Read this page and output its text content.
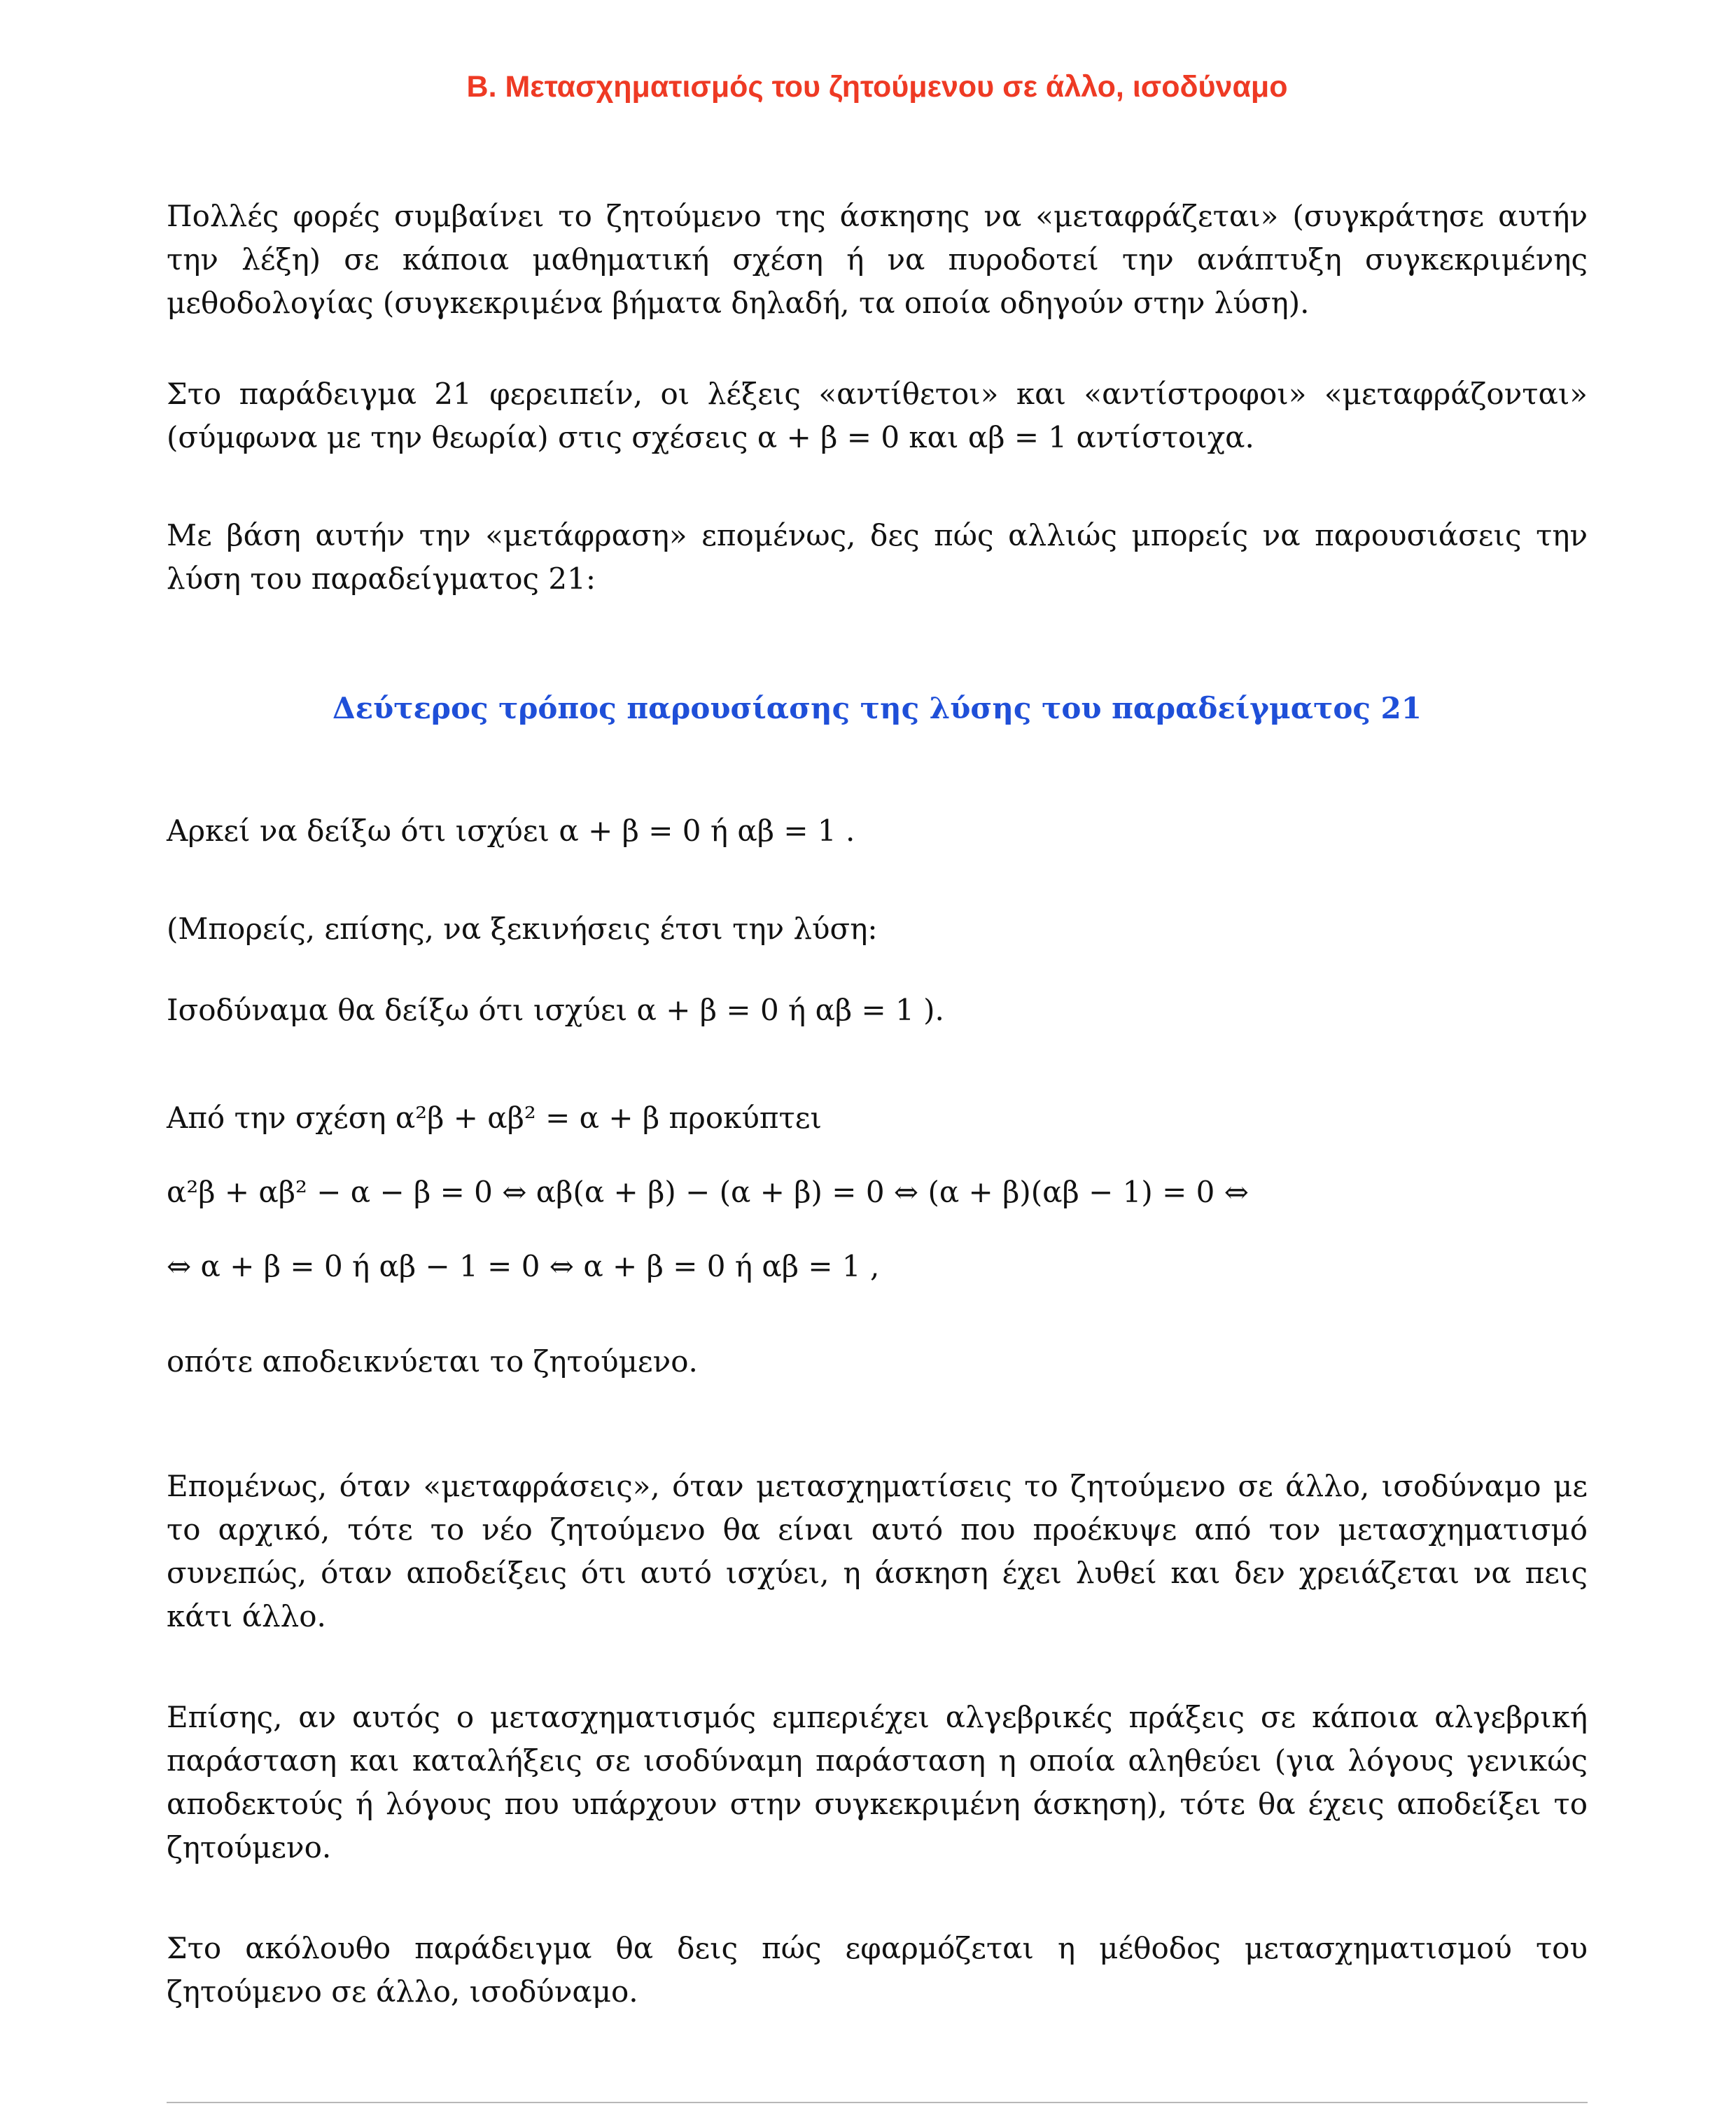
Β. Μετασχηματισμός του ζητούμενου σε άλλο, ισοδύναμο

Πολλές φορές συμβαίνει το ζητούμενο της άσκησης να «μεταφράζεται» (συγκράτησε αυτήν την λέξη) σε κάποια μαθηματική σχέση ή να πυροδοτεί την ανάπτυξη συγκεκριμένης μεθοδολογίας (συγκεκριμένα βήματα δηλαδή, τα οποία οδηγούν στην λύση).

Στο παράδειγμα 21 φερειπείν, οι λέξεις «αντίθετοι» και «αντίστροφοι» «μεταφράζονται» (σύμφωνα με την θεωρία) στις σχέσεις α + β = 0 και αβ = 1 αντίστοιχα.

Με βάση αυτήν την «μετάφραση» επομένως, δες πώς αλλιώς μπορείς να παρουσιάσεις την λύση του παραδείγματος 21:

Δεύτερος τρόπος παρουσίασης της λύσης του παραδείγματος 21

Αρκεί να δείξω ότι ισχύει α + β = 0 ή αβ = 1 .

(Μπορείς, επίσης, να ξεκινήσεις έτσι την λύση:

Ισοδύναμα θα δείξω ότι ισχύει α + β = 0 ή αβ = 1 ).

Από την σχέση α²β + αβ² = α + β προκύπτει

α²β + αβ² − α − β = 0 ⇔ αβ(α + β) − (α + β) = 0 ⇔ (α + β)(αβ − 1) = 0 ⇔

⇔ α + β = 0 ή αβ − 1 = 0 ⇔ α + β = 0 ή αβ = 1 ,

οπότε αποδεικνύεται το ζητούμενο.

Επομένως, όταν «μεταφράσεις», όταν μετασχηματίσεις το ζητούμενο σε άλλο, ισοδύναμο με το αρχικό, τότε το νέο ζητούμενο θα είναι αυτό που προέκυψε από τον μετασχηματισμό συνεπώς, όταν αποδείξεις ότι αυτό ισχύει, η άσκηση έχει λυθεί και δεν χρειάζεται να πεις κάτι άλλο.

Επίσης, αν αυτός ο μετασχηματισμός εμπεριέχει αλγεβρικές πράξεις σε κάποια αλγεβρική παράσταση και καταλήξεις σε ισοδύναμη παράσταση η οποία αληθεύει (για λόγους γενικώς αποδεκτούς ή λόγους που υπάρχουν στην συγκεκριμένη άσκηση), τότε θα έχεις αποδείξει το ζητούμενο.

Στο ακόλουθο παράδειγμα θα δεις πώς εφαρμόζεται η μέθοδος μετασχηματισμού του ζητούμενο σε άλλο, ισοδύναμο.
